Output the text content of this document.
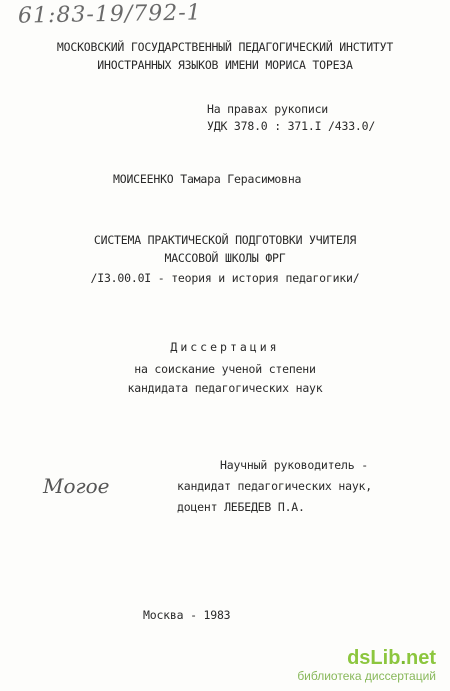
61:83-19/792-1
МОСКОВСКИЙ ГОСУДАРСТВЕННЫЙ ПЕДАГОГИЧЕСКИЙ ИНСТИТУТ
ИНОСТРАННЫХ ЯЗЫКОВ ИМЕНИ МОРИСА ТОРЕЗА
На правах рукописи
УДК 378.0 : 371.I /433.0/
МОИСЕЕНКО Тамара Герасимовна
СИСТЕМА ПРАКТИЧЕСКОЙ ПОДГОТОВКИ УЧИТЕЛЯ
МАССОВОЙ ШКОЛЫ ФРГ
/I3.00.0I - теория и история педагогики/
Диссертация
на соискание ученой степени
кандидата педагогических наук
Могое
Научный руководитель -
кандидат педагогических наук,
доцент ЛЕБЕДЕВ П.А.
Москва - 1983
dsLib.net
библиотека диссертаций
